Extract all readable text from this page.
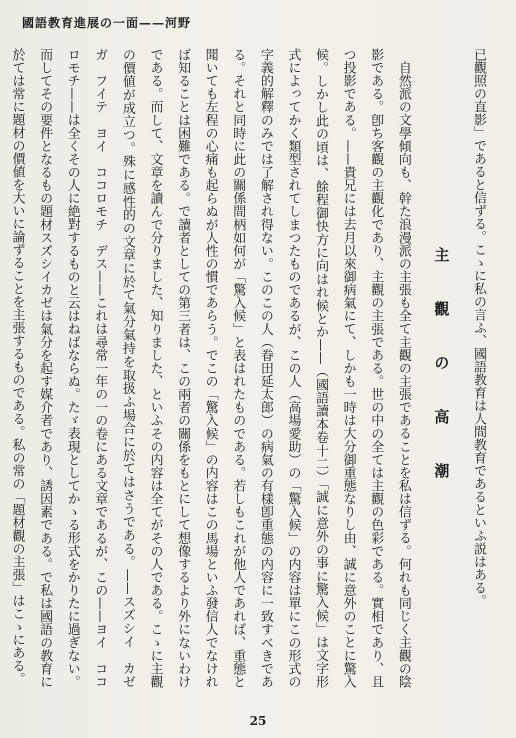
國語教育進展の一面——河野

已觀照の直影」であると信ずる。こゝに私の言ふ、國語教育は人間教育であるといふ説はある。

主　觀　の　高　潮

自然派の文學傾向も、幹た浪漫派の主張も全て主觀の主張であることを私は信ずる。何れも同じく主觀の陰影である。卽ち客觀の主觀化であり、主觀の主張である。世の中の全ては主觀の色彩である。實相であり、且つ投影である。——貴兄には去月以來御病氣にて、しかも一時は大分御重態なりし由、誠に意外のことに驚入候。しかし此の頃は、餘程御快方に向はれ候とか——（國語讀本卷十二）「誠に意外の事に驚入候」は文字形式によってかく類型されてしまつたものであるが、この人（高場愛助）の「驚入候」の内容は單にこの形式の字義的解釋のみでは了解され得ない。このこの人（眷田延太郎）の病氣の有樣卽重態の内容に一致すべきである。それと同時に此の關係間柄如何が「驚入候」と表はれたものである。若しもこれが他人であれば、重態と聞いても左程の心痛も起らぬが人性の慣であらう。でこの「驚入候」の内容はこの馬場といふ發信人でなければ知ることは困難である。で讀者としての第三者は、この兩者の關係をもとにして想像するより外にないわけである。而して、文章を讀んで分りました、知りました、といふその内容は全てがその人である。こゝに主觀の價値が成立つ。殊に感性的の文章に於て氣分氣持を取扱ふ場合に於てはさうである。——スズシイ　カゼ　ガ　フイテ　ヨイ　ココロモチ　デス——これは尋常一年の一の卷にある文章であるが、この——ヨイ　ココロモチ——は全くその人に絶對するものと云はねばならぬ。たゞ表現としてかゝる形式をかりたに過ぎない。而してその要件となるもの題材スズシイカゼは氣分を起す媒介者であり、誘因素である。で私は國語の教育に於ては常に題材の價値を大いに論ずることを主張するものである。私の常の「題材觀の主張」はこゝにある。

25
